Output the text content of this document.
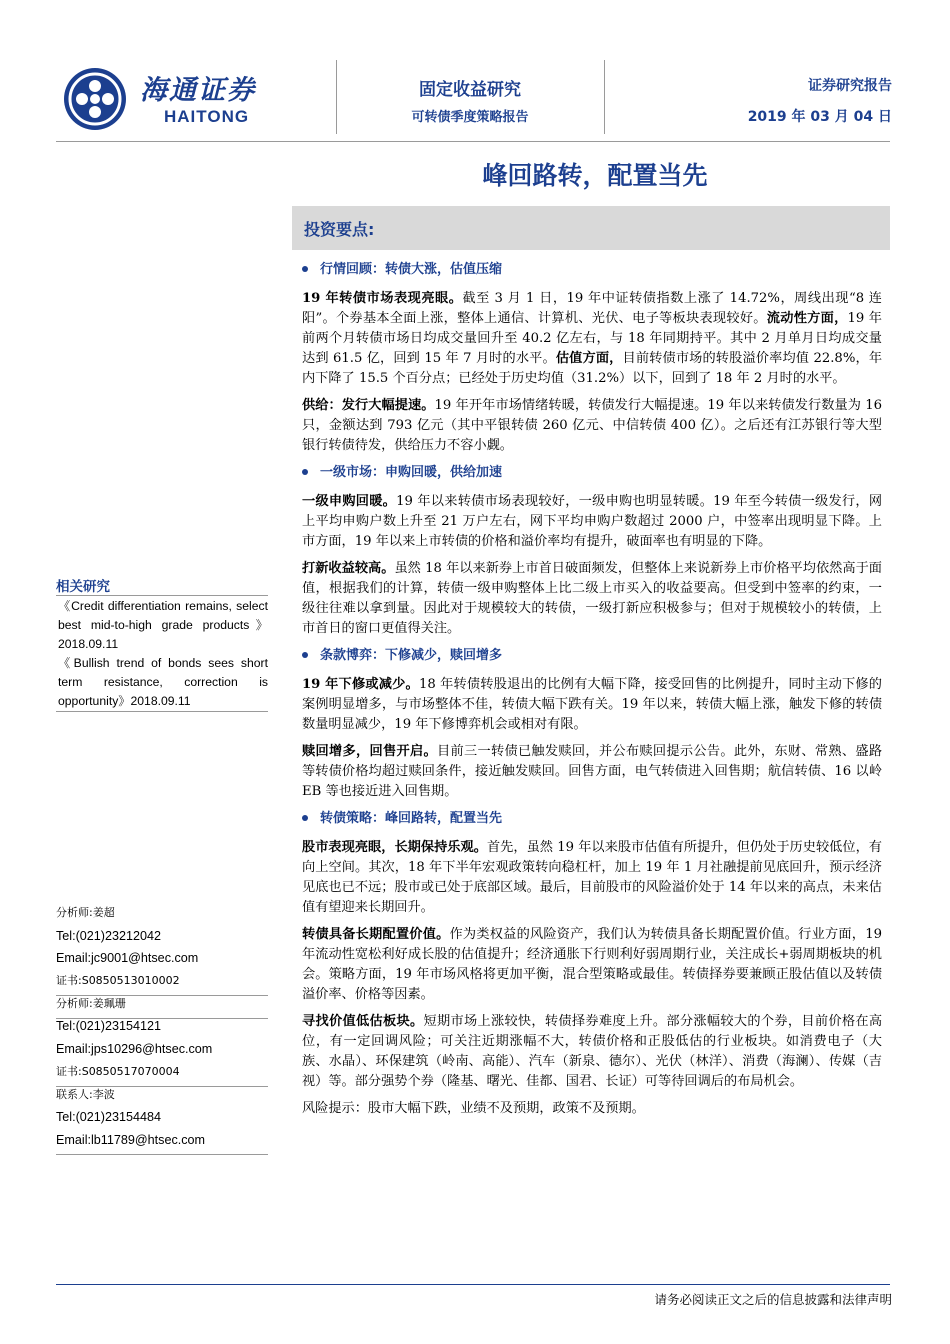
海通证券
HAITONG
固定收益研究
可转债季度策略报告
证券研究报告
2019 年 03 月 04 日
峰回路转，配置当先
投资要点:

行情回顾：转债大涨，估值压缩

19 年转债市场表现亮眼。截至 3 月 1 日，19 年中证转债指数上涨了 14.72%，周线出现“8 连阳”。个券基本全面上涨，整体上通信、计算机、光伏、电子等板块表现较好。流动性方面，19 年前两个月转债市场日均成交量回升至 40.2 亿左右，与 18 年同期持平。其中 2 月单月日均成交量达到 61.5 亿，回到 15 年 7 月时的水平。估值方面，目前转债市场的转股溢价率均值 22.8%，年内下降了 15.5 个百分点；已经处于历史均值（31.2%）以下，回到了 18 年 2 月时的水平。

供给：发行大幅提速。19 年开年市场情绪转暖，转债发行大幅提速。19 年以来转债发行数量为 16 只，金额达到 793 亿元（其中平银转债 260 亿元、中信转债 400 亿）。之后还有江苏银行等大型银行转债待发，供给压力不容小觑。

一级市场：申购回暖，供给加速

一级申购回暖。19 年以来转债市场表现较好，一级申购也明显转暖。19 年至今转债一级发行，网上平均申购户数上升至 21 万户左右，网下平均申购户数超过 2000 户，中签率出现明显下降。上市方面，19 年以来上市转债的价格和溢价率均有提升，破面率也有明显的下降。

打新收益较高。虽然 18 年以来新券上市首日破面频发，但整体上来说新券上市价格平均依然高于面值，根据我们的计算，转债一级申购整体上比二级上市买入的收益要高。但受到中签率的约束，一级往往难以拿到量。因此对于规模较大的转债，一级打新应积极参与；但对于规模较小的转债，上市首日的窗口更值得关注。

条款博弈：下修减少，赎回增多

19 年下修或减少。18 年转债转股退出的比例有大幅下降，接受回售的比例提升，同时主动下修的案例明显增多，与市场整体不佳，转债大幅下跌有关。19 年以来，转债大幅上涨，触发下修的转债数量明显减少，19 年下修博弈机会或相对有限。

赎回增多，回售开启。目前三一转债已触发赎回，并公布赎回提示公告。此外，东财、常熟、盛路等转债价格均超过赎回条件，接近触发赎回。回售方面，电气转债进入回售期；航信转债、16 以岭 EB 等也接近进入回售期。

转债策略：峰回路转，配置当先

股市表现亮眼，长期保持乐观。首先，虽然 19 年以来股市估值有所提升，但仍处于历史较低位，有向上空间。其次，18 年下半年宏观政策转向稳杠杆，加上 19 年 1 月社融提前见底回升，预示经济见底也已不远；股市或已处于底部区域。最后，目前股市的风险溢价处于 14 年以来的高点，未来估值有望迎来长期回升。

转债具备长期配置价值。作为类权益的风险资产，我们认为转债具备长期配置价值。行业方面，19 年流动性宽松利好成长股的估值提升；经济通胀下行则利好弱周期行业，关注成长+弱周期板块的机会。策略方面，19 年市场风格将更加平衡，混合型策略或最佳。转债择券要兼顾正股估值以及转债溢价率、价格等因素。

寻找价值低估板块。短期市场上涨较快，转债择券难度上升。部分涨幅较大的个券，目前价格在高位，有一定回调风险；可关注近期涨幅不大，转债价格和正股低估的行业板块。如消费电子（大族、水晶）、环保建筑（岭南、高能）、汽车（新泉、德尔）、光伏（林洋）、消费（海澜）、传媒（吉视）等。部分强势个券（隆基、曙光、佳都、国君、长证）可等待回调后的布局机会。

风险提示：股市大幅下跌，业绩不及预期，政策不及预期。

相关研究
《Credit differentiation remains, select best mid-to-high grade products》2018.09.11
《Bullish trend of bonds sees short term resistance, correction is opportunity》2018.09.11
分析师:姜超
Tel:(021)23212042
Email:jc9001@htsec.com
证书:S0850513010002
分析师:姜珮珊
Tel:(021)23154121
Email:jps10296@htsec.com
证书:S0850517070004
联系人:李波
Tel:(021)23154484
Email:lb11789@htsec.com
请务必阅读正文之后的信息披露和法律声明
